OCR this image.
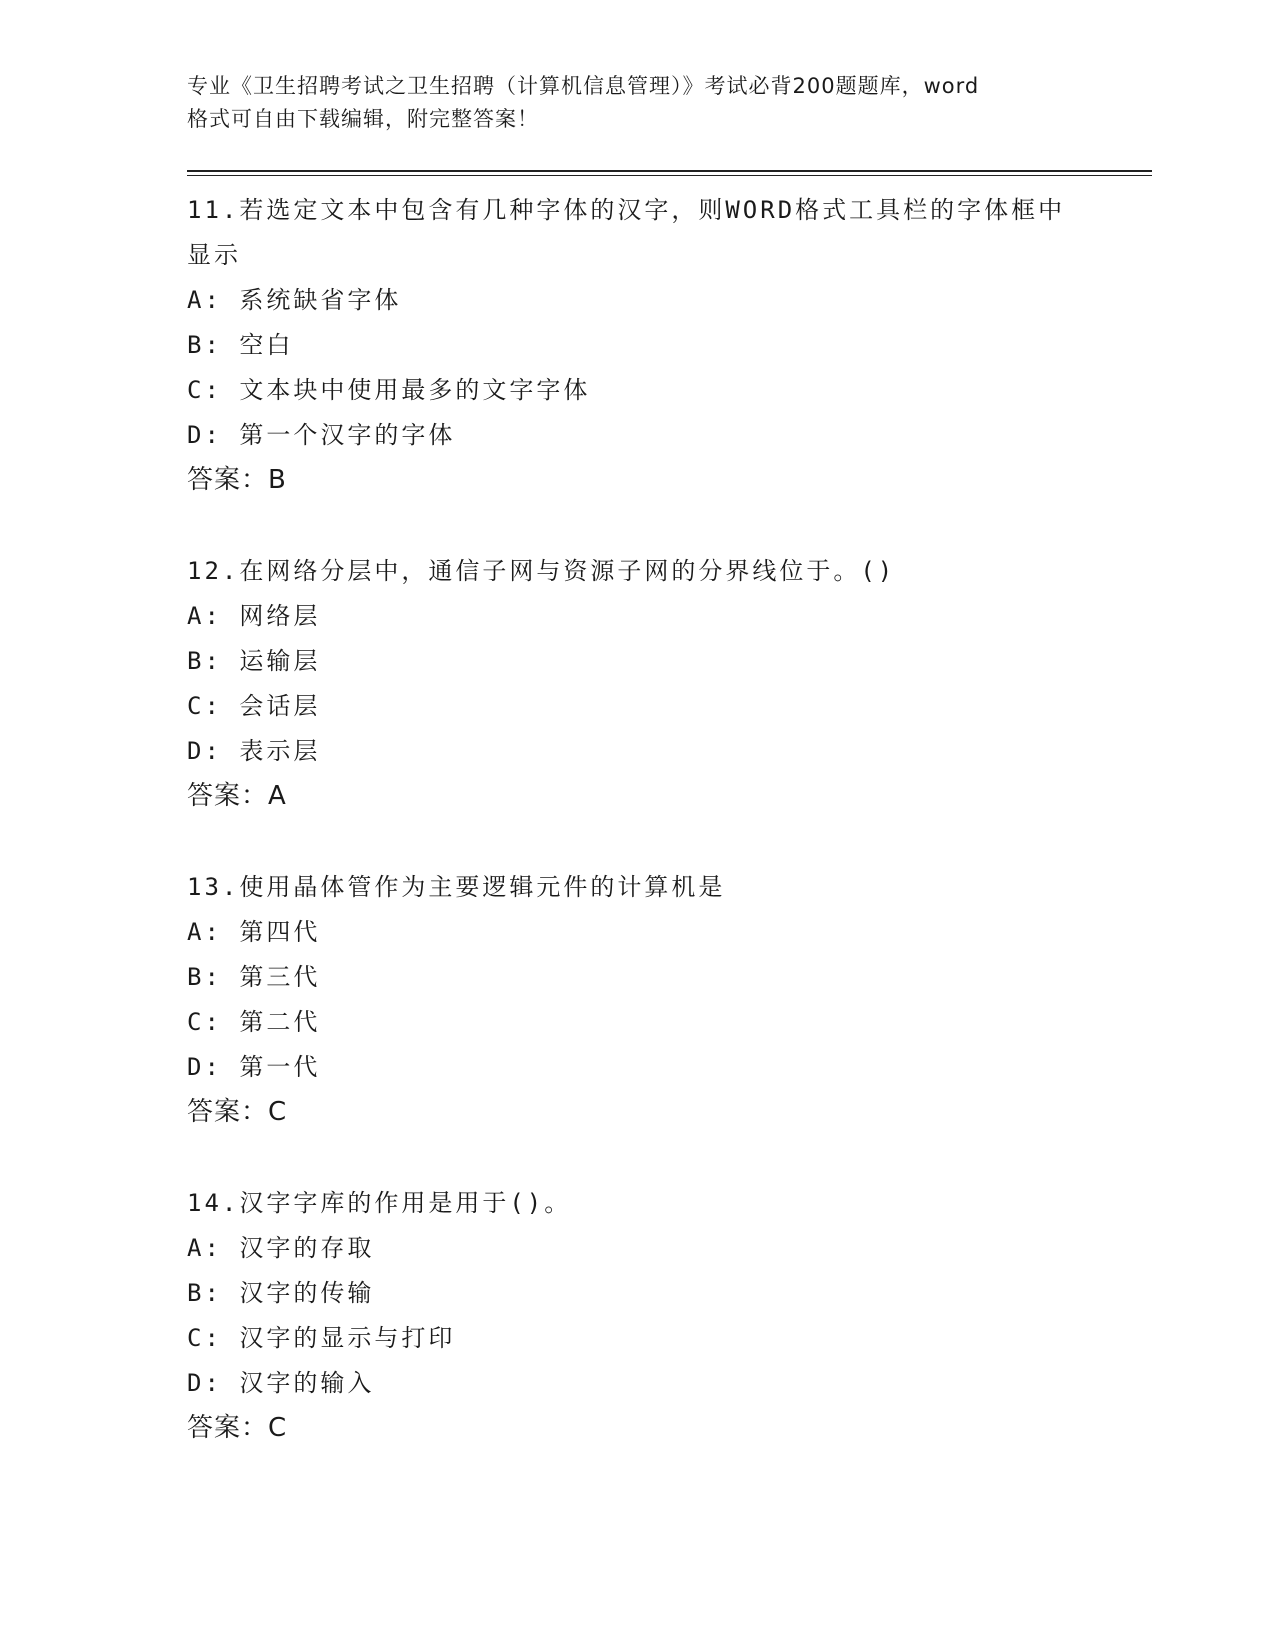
专业《卫生招聘考试之卫生招聘（计算机信息管理）》考试必背200题题库，word
格式可自由下载编辑，附完整答案！
11.若选定文本中包含有几种字体的汉字，则WORD格式工具栏的字体框中显示
A: 系统缺省字体
B: 空白
C: 文本块中使用最多的文字字体
D: 第一个汉字的字体
答案：B
12.在网络分层中，通信子网与资源子网的分界线位于。()
A: 网络层
B: 运输层
C: 会话层
D: 表示层
答案：A
13.使用晶体管作为主要逻辑元件的计算机是
A: 第四代
B: 第三代
C: 第二代
D: 第一代
答案：C
14.汉字字库的作用是用于()。
A: 汉字的存取
B: 汉字的传输
C: 汉字的显示与打印
D: 汉字的输入
答案：C
